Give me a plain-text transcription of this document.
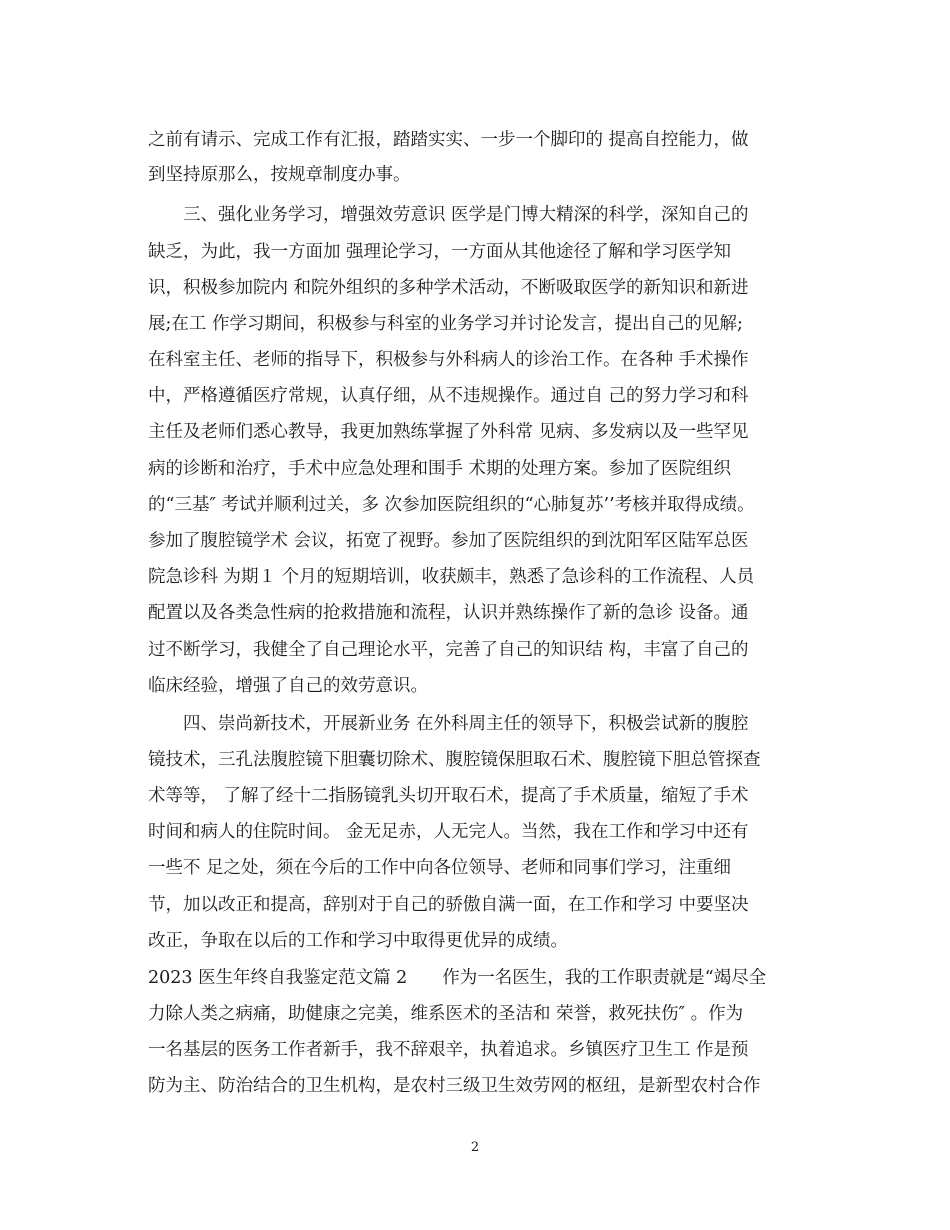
之前有请示、完成工作有汇报，踏踏实实、一步一个脚印的 提高自控能力，做
到坚持原那么，按规章制度办事。
三、强化业务学习，增强效劳意识 医学是门博大精深的科学，深知自己的
缺乏，为此，我一方面加 强理论学习，一方面从其他途径了解和学习医学知
识，积极参加院内 和院外组织的多种学术活动，不断吸取医学的新知识和新进
展;在工 作学习期间，积极参与科室的业务学习并讨论发言，提出自己的见解;
在科室主任、老师的指导下，积极参与外科病人的诊治工作。在各种 手术操作
中，严格遵循医疗常规，认真仔细，从不违规操作。通过自 己的努力学习和科
主任及老师们悉心教导，我更加熟练掌握了外科常 见病、多发病以及一些罕见
病的诊断和治疗，手术中应急处理和围手 术期的处理方案。参加了医院组织
的“三基″ 考试并顺利过关，多 次参加医院组织的“心肺复苏’’考核并取得成绩。
参加了腹腔镜学术 会议，拓宽了视野。参加了医院组织的到沈阳军区陆军总医
院急诊科 为期１ 个月的短期培训，收获颇丰，熟悉了急诊科的工作流程、人员
配置以及各类急性病的抢救措施和流程，认识并熟练操作了新的急诊 设备。通
过不断学习，我健全了自己理论水平，完善了自己的知识结 构，丰富了自己的
临床经验，增强了自己的效劳意识。
四、崇尚新技术，开展新业务 在外科周主任的领导下，积极尝试新的腹腔
镜技术，三孔法腹腔镜下胆囊切除术、腹腔镜保胆取石术、腹腔镜下胆总管探查
术等等， 了解了经十二指肠镜乳头切开取石术，提高了手术质量，缩短了手术
时间和病人的住院时间。 金无足赤，人无完人。当然，我在工作和学习中还有
一些不 足之处，须在今后的工作中向各位领导、老师和同事们学习，注重细
节，加以改正和提高，辞别对于自己的骄傲自满一面，在工作和学习 中要坚决
改正，争取在以后的工作和学习中取得更优异的成绩。
2023 医生年终自我鉴定范文篇 2　　作为一名医生，我的工作职责就是“竭尽全
力除人类之病痛，助健康之完美，维系医术的圣洁和 荣誉，救死扶伤″ 。作为
一名基层的医务工作者新手，我不辞艰辛，执着追求。乡镇医疗卫生工 作是预
防为主、防治结合的卫生机构，是农村三级卫生效劳网的枢纽，是新型农村合作
2
